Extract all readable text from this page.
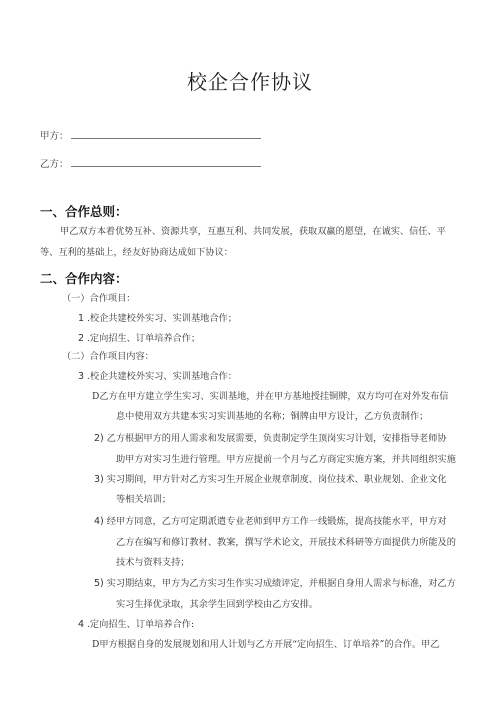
校企合作协议
甲方：
乙方：
一、合作总则：
甲乙双方本着优势互补、资源共享，互惠互利、共同发展，获取双赢的愿望，在诚实、信任、平
等、互利的基础上，经友好协商达成如下协议：
二、合作内容：
（一）合作项目：
1 .校企共建校外实习、实训基地合作；
2 .定向招生、订单培养合作；
（二）合作项目内容：
3 .校企共建校外实习、实训基地合作：
D乙方在甲方建立学生实习、实训基地，并在甲方基地授挂铜牌，双方均可在对外发布信
息中使用双方共建本实习实训基地的名称；铜牌由甲方设计，乙方负责制作；
2) 乙方根据甲方的用人需求和发展需要，负责制定学生顶岗实习计划，安排指导老师协
助甲方对实习生进行管理。甲方应提前一个月与乙方商定实施方案，并共同组织实施
3) 实习期间，甲方针对乙方实习生开展企业规章制度、岗位技术、职业规划、企业文化
等相关培训；
4) 经甲方同意，乙方可定期派遣专业老师到甲方工作一线锻炼，提高技能水平，甲方对
乙方在编写和修订教材、教案，撰写学术论文，开展技术科研等方面提供力所能及的
技术与资料支持；
5) 实习期结束，甲方为乙方实习生作实习成绩评定，并根据自身用人需求与标准，对乙方
实习生择优录取，其余学生回到学校由乙方安排。
4 .定向招生、订单培养合作:
D甲方根据自身的发展规划和用人计划与乙方开展“定向招生、订单培养”的合作。甲乙
